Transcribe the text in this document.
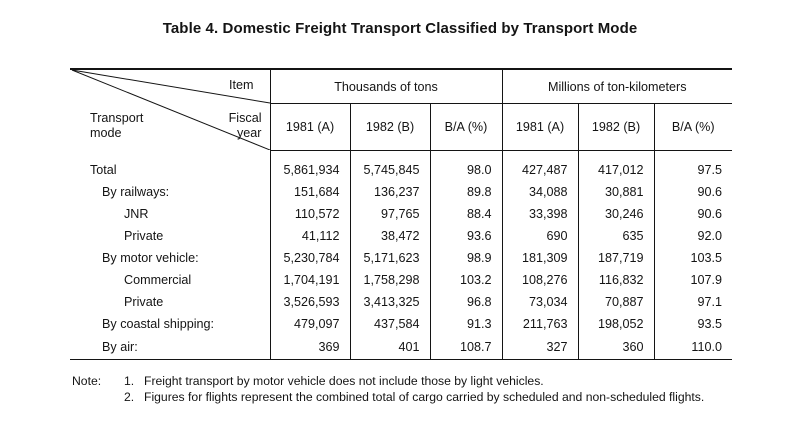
Table 4. Domestic Freight Transport Classified by Transport Mode
Item
Fiscal
year
Transport
mode	Thousands of tons			Millions of ton-kilometers		
	1981 (A)	1982 (B)	B/A (%)	1981 (A)	1982 (B)	B/A (%)
Total	5,861,934	5,745,845	98.0	427,487	417,012	97.5
By railways:	151,684	136,237	89.8	34,088	30,881	90.6
JNR	110,572	97,765	88.4	33,398	30,246	90.6
Private	41,112	38,472	93.6	690	635	92.0
By motor vehicle:	5,230,784	5,171,623	98.9	181,309	187,719	103.5
Commercial	1,704,191	1,758,298	103.2	108,276	116,832	107.9
Private	3,526,593	3,413,325	96.8	73,034	70,887	97.1
By coastal shipping:	479,097	437,584	91.3	211,763	198,052	93.5
By air:	369	401	108.7	327	360	110.0
Note: 1. Freight transport by motor vehicle does not include those by light vehicles.
2. Figures for flights represent the combined total of cargo carried by scheduled and non-scheduled flights.
